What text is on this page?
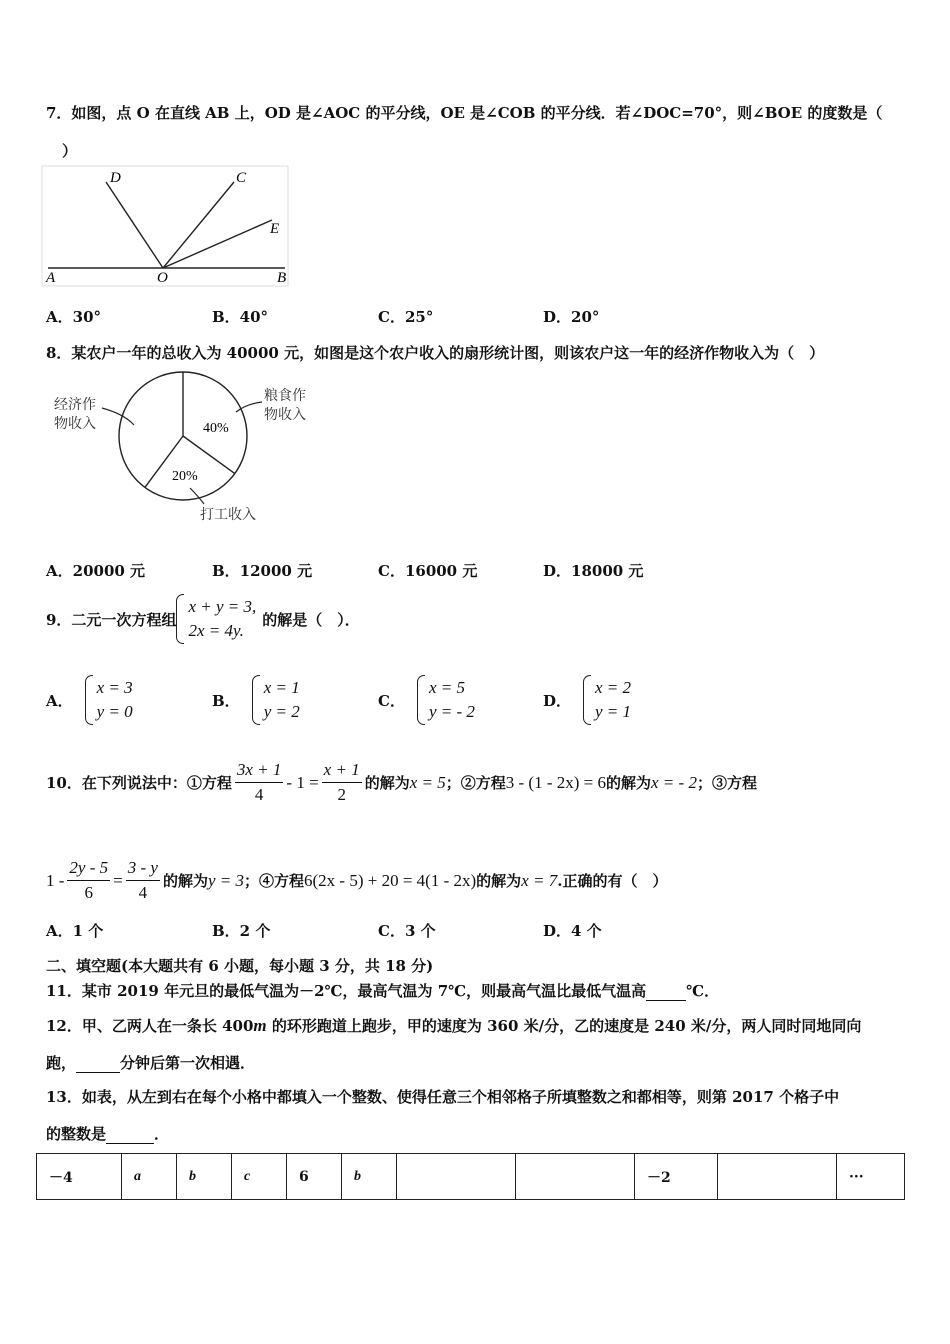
7．如图，点 O 在直线 AB 上，OD 是∠AOC 的平分线，OE 是∠COB 的平分线．若∠DOC=70°，则∠BOE 的度数是（
）
D	C
E
A	O	B
A．30°	B．40°	C．25°	D．20°
8．某农户一年的总收入为 40000 元，如图是这个农户收入的扇形统计图，则该农户这一年的经济作物收入为（　）
40%
20%
经济作
物收入
粮食作
物收入
打工收入
A．20000 元	B．12000 元	C．16000 元	D．18000 元
9．二元一次方程组
x + y = 3,
2x = 4y.
的解是（　）．
A．
x = 3
y = 0
B．
x = 1
y = 2
C．
x = 5
y = - 2
D．
x = 2
y = 1
10．在下列说法中：①方程 $\frac{3x + 1}{4} - 1 = \frac{x + 1}{2}$ 的解为 x = 5 ；②方程 3 - (1 - 2x) = 6 的解为 x = - 2 ；③方程
$1 - \frac{2y - 5}{6} = \frac{3 - y}{4}$ 的解为 y = 3 ；④方程 6(2x - 5) + 20 = 4(1 - 2x) 的解为 x = 7 .正确的有（　）
A．1 个	B．2 个	C．3 个	D．4 个
二、填空题(本大题共有 6 小题，每小题 3 分，共 18 分)
11．某市 2019 年元旦的最低气温为－2℃，最高气温为 7℃，则最高气温比最低气温高	℃．
12．甲、乙两人在一条长 400m 的环形跑道上跑步，甲的速度为 360 米/分，乙的速度是 240 米/分，两人同时同地同向
跑，	分钟后第一次相遇．
13．如表，从左到右在每个小格中都填入一个整数、使得任意三个相邻格子所填整数之和都相等，则第 2017 个格子中
的整数是	．
－4	a	b	c	6	b			－2		···
